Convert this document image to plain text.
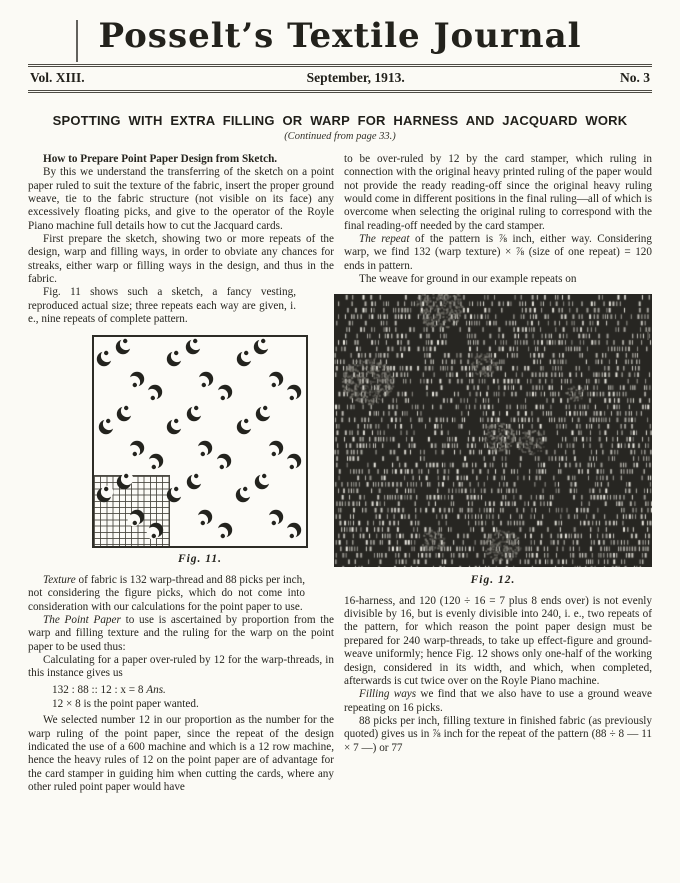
Posselt’s Textile Journal
Vol. XIII.	September, 1913.	No. 3
SPOTTING WITH EXTRA FILLING OR WARP FOR HARNESS AND JACQUARD WORK
(Continued from page 33.)

How to Prepare Point Paper Design from Sketch.

By this we understand the transferring of the sketch on a point paper ruled to suit the texture of the fabric, insert the proper ground weave, tie to the fabric structure (not visible on its face) any excessively floating picks, and give to the operator of the Royle Piano machine full details how to cut the Jacquard cards.

First prepare the sketch, showing two or more repeats of the design, warp and filling ways, in order to obviate any chances for streaks, either warp or filling ways in the design, and thus in the fabric.

Fig. 11 shows such a sketch, a fancy vesting, reproduced actual size; three repeats each way are given, i. e., nine repeats of complete pattern.

Fig. 11.

Texture of fabric is 132 warp-thread and 88 picks per inch, not considering the figure picks, which do not come into consideration with our calculations for the point paper to use.

The Point Paper to use is ascertained by proportion from the warp and filling texture and the ruling for the warp on the point paper to be used thus:

Calculating for a paper over-ruled by 12 for the warp-threads, in this instance gives us

132 : 88 :: 12 : x = 8 Ans.

12 × 8 is the point paper wanted.

We selected number 12 in our proportion as the number for the warp ruling of the point paper, since the repeat of the design indicated the use of a 600 machine and which is a 12 row machine, hence the heavy rules of 12 on the point paper are of advantage for the card stamper in guiding him when cutting the cards, where any other ruled point paper would have

to be over-ruled by 12 by the card stamper, which ruling in connection with the original heavy printed ruling of the paper would not provide the ready reading-off since the original heavy ruling would come in different positions in the final ruling—all of which is overcome when selecting the original ruling to correspond with the final reading-off needed by the card stamper.

The repeat of the pattern is ⅞ inch, either way. Considering warp, we find 132 (warp texture) × ⅞ (size of one repeat) = 120 ends in pattern.

The weave for ground in our example repeats on

Fig. 12.

16-harness, and 120 (120 ÷ 16 = 7 plus 8 ends over) is not evenly divisible by 16, but is evenly divisible into 240, i. e., two repeats of the pattern, for which reason the point paper design must be prepared for 240 warp-threads, to take up effect-figure and ground-weave uniformly; hence Fig. 12 shows only one-half of the working design, considered in its width, and which, when completed, afterwards is cut twice over on the Royle Piano machine.

Filling ways we find that we also have to use a ground weave repeating on 16 picks.

88 picks per inch, filling texture in finished fabric (as previously quoted) gives us in ⅞ inch for the repeat of the pattern (88 ÷ 8 — 11 × 7 —) or 77
